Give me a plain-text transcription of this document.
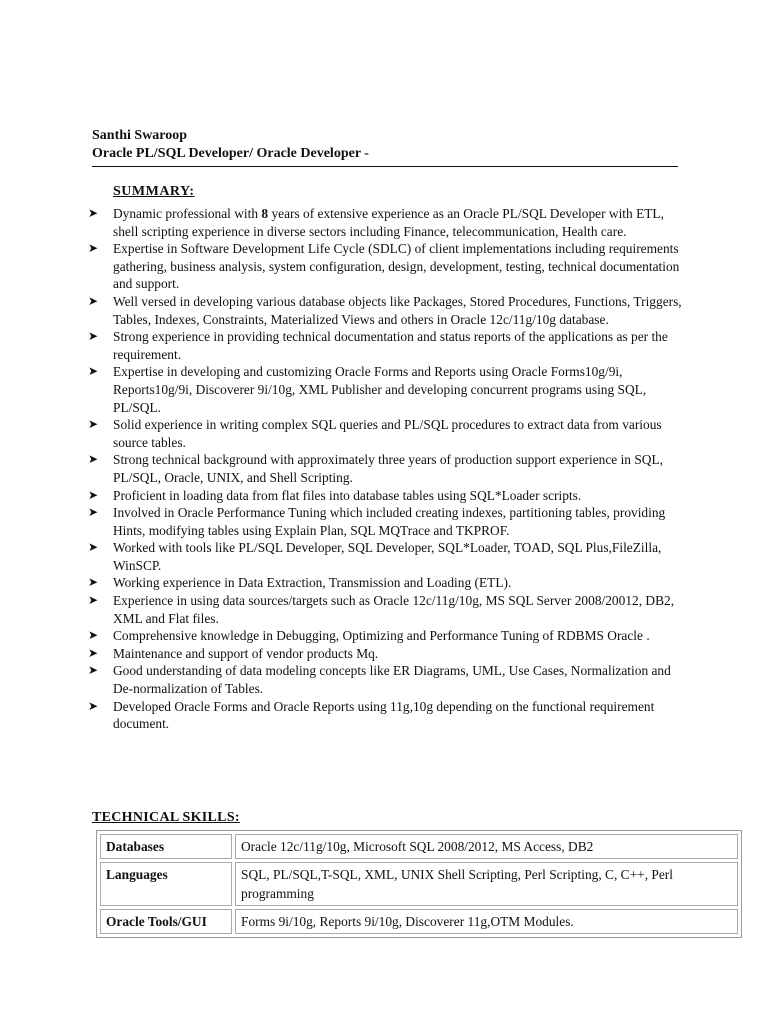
Santhi Swaroop
Oracle PL/SQL Developer/ Oracle Developer -
SUMMARY:
➤ Dynamic professional with 8 years of extensive experience as an Oracle PL/SQL Developer with ETL, shell scripting experience in diverse sectors including Finance, telecommunication, Health care.
➤ Expertise in Software Development Life Cycle (SDLC) of client implementations including requirements gathering, business analysis, system configuration, design, development, testing, technical documentation and support.
➤ Well versed in developing various database objects like Packages, Stored Procedures, Functions, Triggers, Tables, Indexes, Constraints, Materialized Views and others in Oracle 12c/11g/10g database.
➤ Strong experience in providing technical documentation and status reports of the applications as per the requirement.
➤ Expertise in developing and customizing Oracle Forms and Reports using Oracle Forms10g/9i, Reports10g/9i, Discoverer 9i/10g, XML Publisher and developing concurrent programs using SQL, PL/SQL.
➤ Solid experience in writing complex SQL queries and PL/SQL procedures to extract data from various source tables.
➤ Strong technical background with approximately three years of production support experience in SQL, PL/SQL, Oracle, UNIX, and Shell Scripting.
➤ Proficient in loading data from flat files into database tables using SQL*Loader scripts.
➤ Involved in Oracle Performance Tuning which included creating indexes, partitioning tables, providing Hints, modifying tables using Explain Plan, SQL MQTrace and TKPROF.
➤ Worked with tools like PL/SQL Developer, SQL Developer, SQL*Loader, TOAD, SQL Plus,FileZilla, WinSCP.
➤ Working experience in Data Extraction, Transmission and Loading (ETL).
➤ Experience in using data sources/targets such as Oracle 12c/11g/10g, MS SQL Server 2008/20012, DB2, XML and Flat files.
➤ Comprehensive knowledge in Debugging, Optimizing and Performance Tuning of RDBMS Oracle .
➤ Maintenance and support of vendor products Mq.
➤ Good understanding of data modeling concepts like ER Diagrams, UML, Use Cases, Normalization and De-normalization of Tables.
➤ Developed Oracle Forms and Oracle Reports using 11g,10g depending on the functional requirement document.
TECHNICAL SKILLS:
Databases	Oracle 12c/11g/10g, Microsoft SQL 2008/2012, MS Access, DB2
Languages	SQL, PL/SQL,T-SQL, XML, UNIX Shell Scripting, Perl Scripting, C, C++, Perl programming
Oracle Tools/GUI	Forms 9i/10g, Reports 9i/10g, Discoverer 11g,OTM Modules.
